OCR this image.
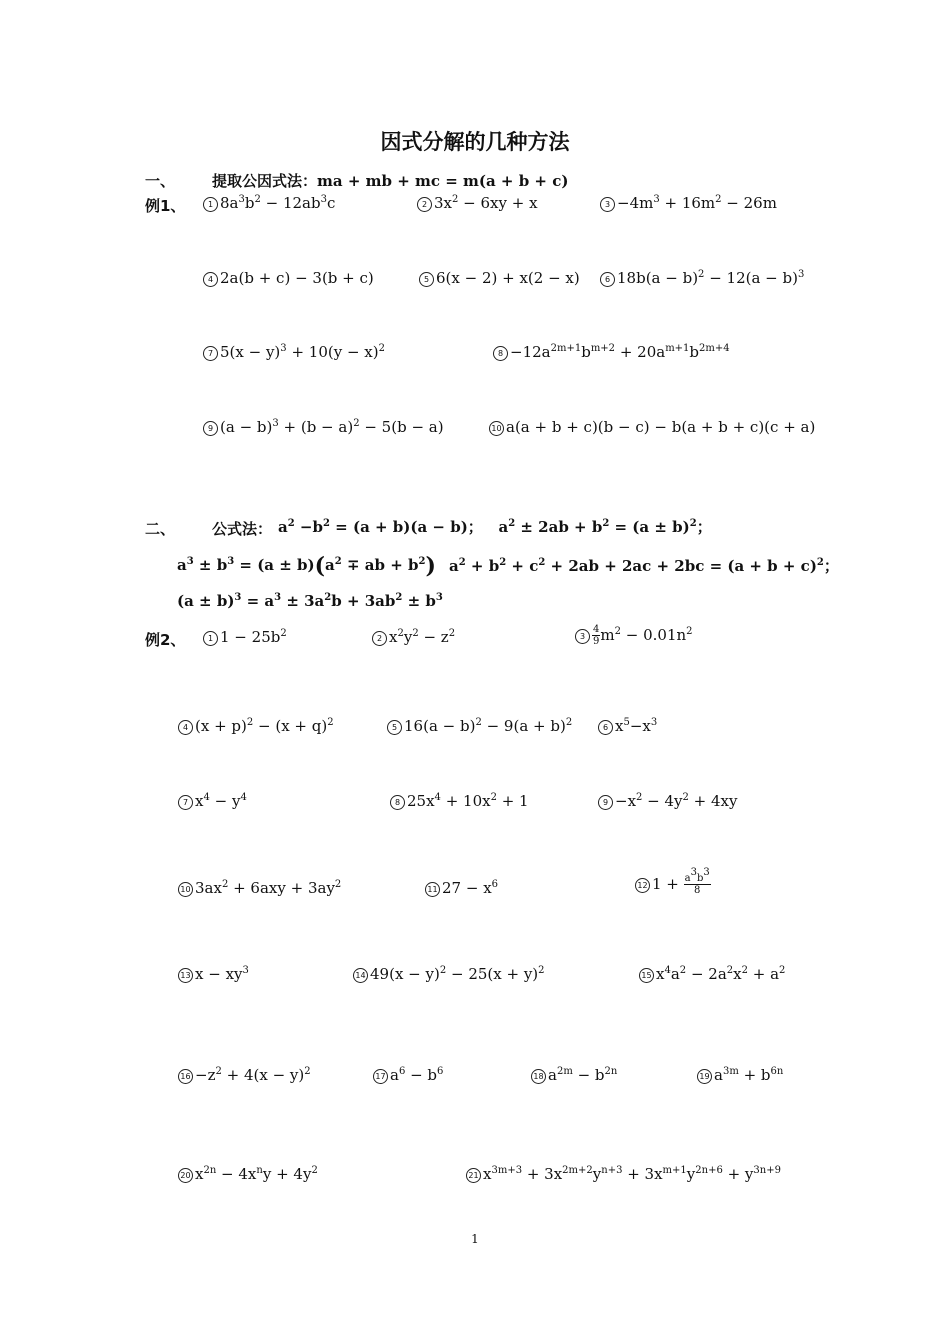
因式分解的几种方法
一、 提取公因式法：ma + mb + mc = m(a + b + c)
例1、	1 $8a^3b^2 - 12ab^3c$	2 $3x^2 - 6xy + x$	$3 -4m^3 + 16m^2 - 26m$
4 2a(b + c) − 3(b + c)	5 6(x − 2) + x(2 − x)	6 $18b(a - b)^2 - 12(a - b)^3$
7 $5(x - y)^3 + 10(y - x)^2$	$8 -12a^{2m+1}b^{m+2} + 20a^{m+1}b^{2m+4}$
9 $(a - b)^3 + (b - a)^2 - 5(b - a)$	10 a(a + b + c)(b − c) − b(a + b + c)(c + a)
二、 公式法： $a^2 -b^2 = (a + b)(a - b)$；   $a^2 \pm 2ab + b^2 = (a \pm b)^2$；
$a^3 \pm b^3 = (a \pm b)(a^2$ ∓ ab + $b^2$) $a^2 + b^2 + c^2 + 2ab + 2ac + 2bc = (a + b + c)^2$；
$(a \pm b)^3 = a^3 \pm 3a^2b + 3ab^2 \pm b^3$
例2、	1 $1 - 25b^2$	2 $x^2y^2 - z^2$	$3 \frac{4}{9} m^2 - 0.01n^2$
4 $(x + p)^2 - (x + q)^2$	5 $16(a - b)^2 - 9(a + b)^2$	6 $x^5-x^3$
7 $x^4 - y^4$	8 $25x^4 + 10x^2 + 1$	$9 -x^2 - 4y^2 + 4xy$
10 $3ax^2 + 6axy + 3ay^2$	11 $27 - x^6$	12 $1 + \frac{a^3b^3}{8}$
13 $x - xy^3$	14 $49(x - y)^2 - 25(x + y)^2$	15 $x^4a^2 - 2a^2x^2 + a^2$
$16 -z^2 + 4(x - y)^2$	17 $a^6 - b^6$	18 $a^{2m} - b^{2n}$	19 $a^{3m} + b^{6n}$
20 $x^{2n} - 4x^ny + 4y^2$	21 $x^{3m+3} + 3x^{2m+2}y^{n+3} + 3x^{m+1}y^{2n+6} + y^{3n+9}$
1
